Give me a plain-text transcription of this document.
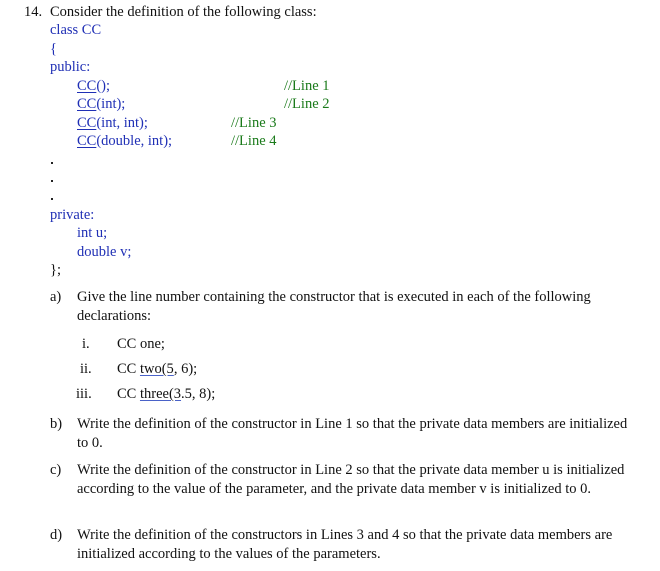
14. Consider the definition of the following class:
class CC
{
public:
CC();	//Line 1
CC(int);	//Line 2
CC(int, int);	//Line 3
CC(double, int);	//Line 4
private:
int u;
double v;
};
a) Give the line number containing the constructor that is executed in each of the following declarations:
i. CC one;
ii. CC two(5, 6);
iii. CC three(3.5, 8);
b) Write the definition of the constructor in Line 1 so that the private data members are initialized to 0.
c) Write the definition of the constructor in Line 2 so that the private data member u is initialized according to the value of the parameter, and the private data member v is initialized to 0.
d) Write the definition of the constructors in Lines 3 and 4 so that the private data members are initialized according to the values of the parameters.
